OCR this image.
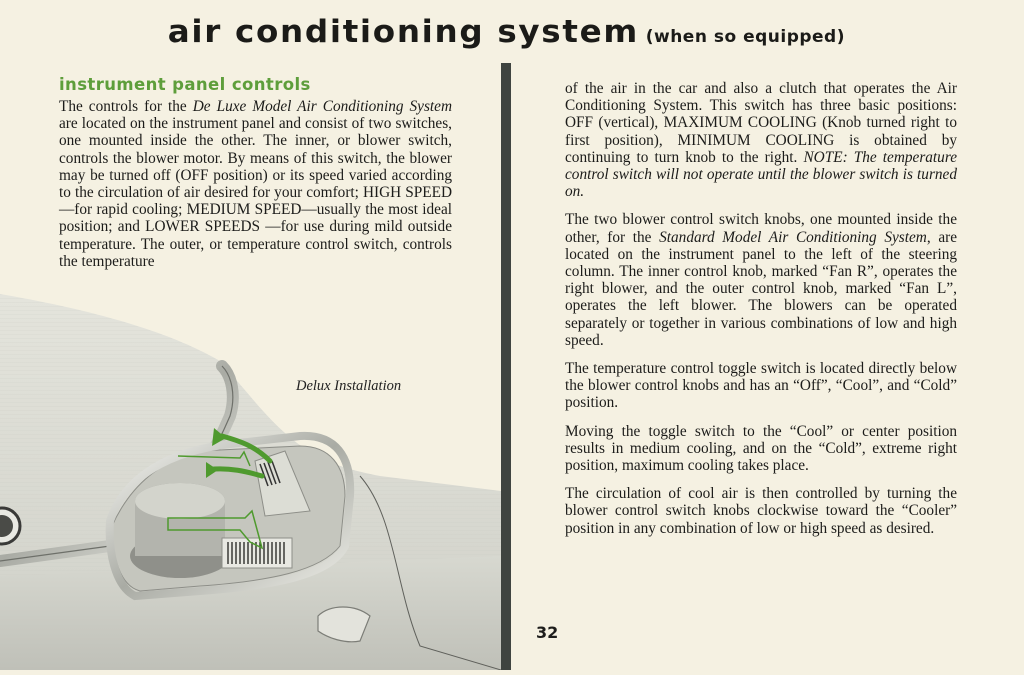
air conditioning system (when so equipped)
instrument panel controls

The controls for the De Luxe Model Air Conditioning System are located on the instrument panel and consist of two switches, one mounted inside the other. The inner, or blower switch, controls the blower motor. By means of this switch, the blower may be turned off (OFF position) or its speed varied according to the circulation of air desired for your comfort; HIGH SPEED—for rapid cooling; MEDIUM SPEED—usually the most ideal position; and LOWER SPEEDS —for use during mild outside temperature. The outer, or temperature control switch, controls the temperature

Delux Installation

of the air in the car and also a clutch that operates the Air Conditioning System. This switch has three basic positions: OFF (vertical), MAXIMUM COOLING (Knob turned right to first position), MINIMUM COOLING is obtained by continuing to turn knob to the right. NOTE: The temperature control switch will not operate until the blower switch is turned on.

The two blower control switch knobs, one mounted inside the other, for the Standard Model Air Conditioning System, are located on the instrument panel to the left of the steering column. The inner control knob, marked “Fan R”, operates the right blower, and the outer control knob, marked “Fan L”, operates the left blower. The blowers can be operated separately or together in various combinations of low and high speed.

The temperature control toggle switch is located directly below the blower control knobs and has an “Off”, “Cool”, and “Cold” position.

Moving the toggle switch to the “Cool” or center position results in medium cooling, and on the “Cold”, extreme right position, maximum cooling takes place.

The circulation of cool air is then controlled by turning the blower control switch knobs clockwise toward the “Cooler” position in any combination of low or high speed as desired.

32
